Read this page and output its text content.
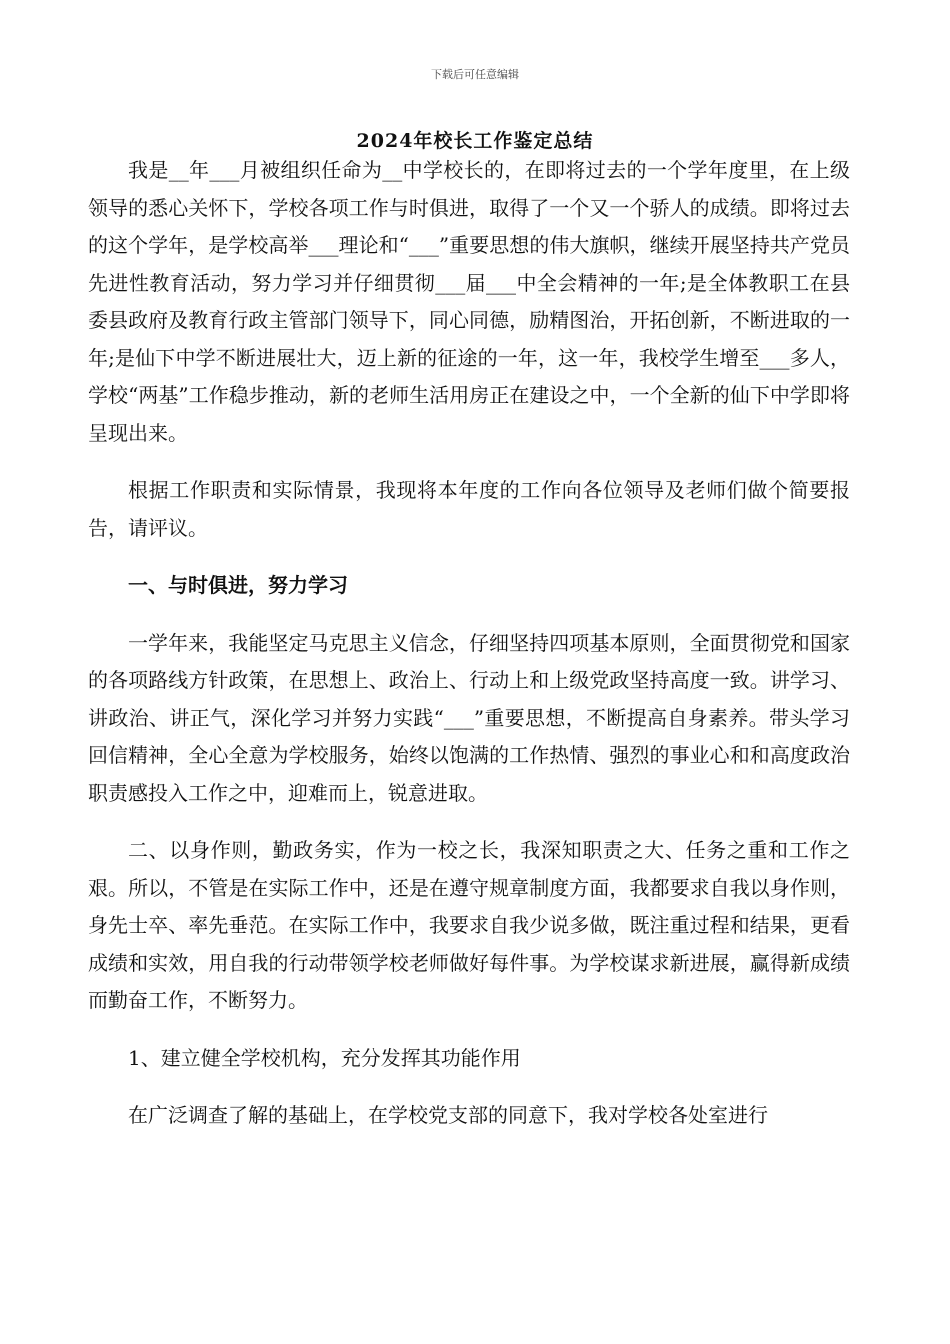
下载后可任意编辑
2024年校长工作鉴定总结

我是__年___月被组织任命为__中学校长的，在即将过去的一个学年度里，在上级领导的悉心关怀下，学校各项工作与时俱进，取得了一个又一个骄人的成绩。即将过去的这个学年，是学校高举___理论和“___”重要思想的伟大旗帜，继续开展坚持共产党员先进性教育活动，努力学习并仔细贯彻___届___中全会精神的一年;是全体教职工在县委县政府及教育行政主管部门领导下，同心同德，励精图治，开拓创新，不断进取的一年;是仙下中学不断进展壮大，迈上新的征途的一年，这一年，我校学生增至___多人，学校“两基”工作稳步推动，新的老师生活用房正在建设之中，一个全新的仙下中学即将呈现出来。

根据工作职责和实际情景，我现将本年度的工作向各位领导及老师们做个简要报告，请评议。

一、与时俱进，努力学习

一学年来，我能坚定马克思主义信念，仔细坚持四项基本原则，全面贯彻党和国家的各项路线方针政策，在思想上、政治上、行动上和上级党政坚持高度一致。讲学习、讲政治、讲正气，深化学习并努力实践“___”重要思想，不断提高自身素养。带头学习回信精神，全心全意为学校服务，始终以饱满的工作热情、强烈的事业心和和高度政治职责感投入工作之中，迎难而上，锐意进取。

二、以身作则，勤政务实，作为一校之长，我深知职责之大、任务之重和工作之艰。所以，不管是在实际工作中，还是在遵守规章制度方面，我都要求自我以身作则，身先士卒、率先垂范。在实际工作中，我要求自我少说多做，既注重过程和结果，更看成绩和实效，用自我的行动带领学校老师做好每件事。为学校谋求新进展，赢得新成绩而勤奋工作，不断努力。

1、建立健全学校机构，充分发挥其功能作用

在广泛调查了解的基础上，在学校党支部的同意下，我对学校各处室进行
